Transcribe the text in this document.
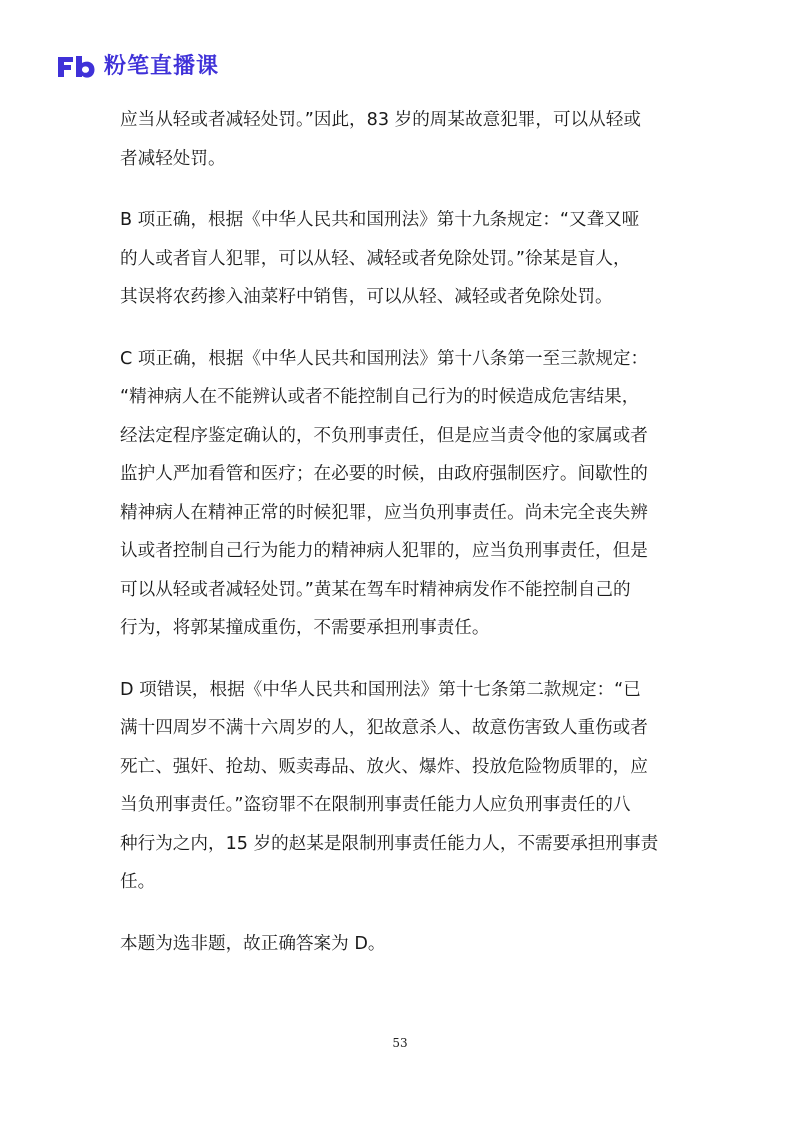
粉笔直播课

应当从轻或者减轻处罚。”因此，83 岁的周某故意犯罪，可以从轻或
者减轻处罚。

B 项正确，根据《中华人民共和国刑法》第十九条规定：“又聋又哑
的人或者盲人犯罪，可以从轻、减轻或者免除处罚。”徐某是盲人，
其误将农药掺入油菜籽中销售，可以从轻、减轻或者免除处罚。

C 项正确，根据《中华人民共和国刑法》第十八条第一至三款规定：
“精神病人在不能辨认或者不能控制自己行为的时候造成危害结果，
经法定程序鉴定确认的，不负刑事责任，但是应当责令他的家属或者
监护人严加看管和医疗；在必要的时候，由政府强制医疗。间歇性的
精神病人在精神正常的时候犯罪，应当负刑事责任。尚未完全丧失辨
认或者控制自己行为能力的精神病人犯罪的，应当负刑事责任，但是
可以从轻或者减轻处罚。”黄某在驾车时精神病发作不能控制自己的
行为，将郭某撞成重伤，不需要承担刑事责任。

D 项错误，根据《中华人民共和国刑法》第十七条第二款规定：“已
满十四周岁不满十六周岁的人，犯故意杀人、故意伤害致人重伤或者
死亡、强奸、抢劫、贩卖毒品、放火、爆炸、投放危险物质罪的，应
当负刑事责任。”盗窃罪不在限制刑事责任能力人应负刑事责任的八
种行为之内，15 岁的赵某是限制刑事责任能力人，不需要承担刑事责
任。

本题为选非题，故正确答案为 D。

53
